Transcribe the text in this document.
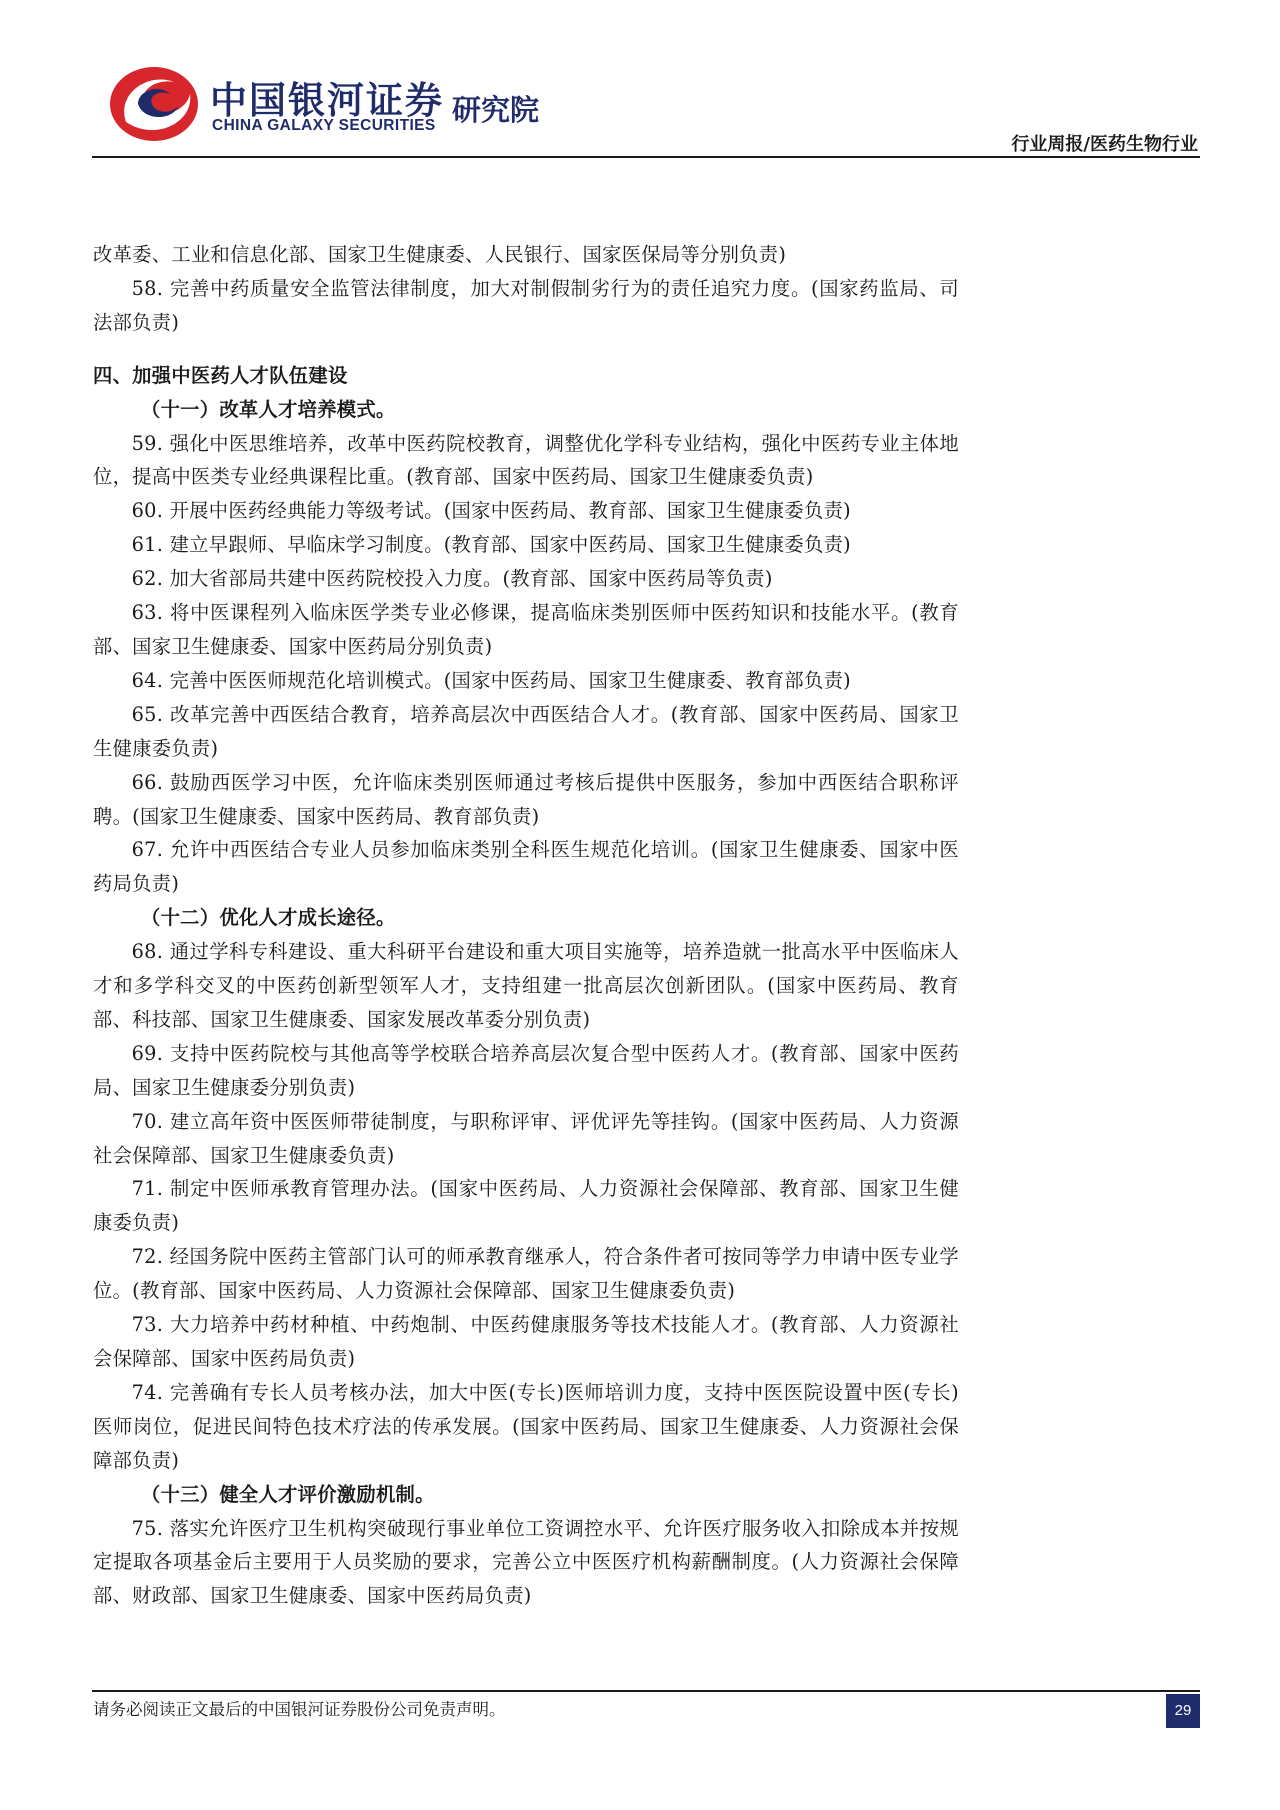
中国银河证券
CHINA GALAXY SECURITIES 研究院
行业周报/医药生物行业

改革委、工业和信息化部、国家卫生健康委、人民银行、国家医保局等分别负责)

58. 完善中药质量安全监管法律制度，加大对制假制劣行为的责任追究力度。(国家药监局、司法部负责)

四、加强中医药人才队伍建设
（十一）改革人才培养模式。

59. 强化中医思维培养，改革中医药院校教育，调整优化学科专业结构，强化中医药专业主体地位，提高中医类专业经典课程比重。(教育部、国家中医药局、国家卫生健康委负责)

60. 开展中医药经典能力等级考试。(国家中医药局、教育部、国家卫生健康委负责)

61. 建立早跟师、早临床学习制度。(教育部、国家中医药局、国家卫生健康委负责)

62. 加大省部局共建中医药院校投入力度。(教育部、国家中医药局等负责)

63. 将中医课程列入临床医学类专业必修课，提高临床类别医师中医药知识和技能水平。(教育部、国家卫生健康委、国家中医药局分别负责)

64. 完善中医医师规范化培训模式。(国家中医药局、国家卫生健康委、教育部负责)

65. 改革完善中西医结合教育，培养高层次中西医结合人才。(教育部、国家中医药局、国家卫生健康委负责)

66. 鼓励西医学习中医，允许临床类别医师通过考核后提供中医服务，参加中西医结合职称评聘。(国家卫生健康委、国家中医药局、教育部负责)

67. 允许中西医结合专业人员参加临床类别全科医生规范化培训。(国家卫生健康委、国家中医药局负责)

（十二）优化人才成长途径。

68. 通过学科专科建设、重大科研平台建设和重大项目实施等，培养造就一批高水平中医临床人才和多学科交叉的中医药创新型领军人才，支持组建一批高层次创新团队。(国家中医药局、教育部、科技部、国家卫生健康委、国家发展改革委分别负责)

69. 支持中医药院校与其他高等学校联合培养高层次复合型中医药人才。(教育部、国家中医药局、国家卫生健康委分别负责)

70. 建立高年资中医医师带徒制度，与职称评审、评优评先等挂钩。(国家中医药局、人力资源社会保障部、国家卫生健康委负责)

71. 制定中医师承教育管理办法。(国家中医药局、人力资源社会保障部、教育部、国家卫生健康委负责)

72. 经国务院中医药主管部门认可的师承教育继承人，符合条件者可按同等学力申请中医专业学位。(教育部、国家中医药局、人力资源社会保障部、国家卫生健康委负责)

73. 大力培养中药材种植、中药炮制、中医药健康服务等技术技能人才。(教育部、人力资源社会保障部、国家中医药局负责)

74. 完善确有专长人员考核办法，加大中医(专长)医师培训力度，支持中医医院设置中医(专长)医师岗位，促进民间特色技术疗法的传承发展。(国家中医药局、国家卫生健康委、人力资源社会保障部负责)

（十三）健全人才评价激励机制。

75. 落实允许医疗卫生机构突破现行事业单位工资调控水平、允许医疗服务收入扣除成本并按规定提取各项基金后主要用于人员奖励的要求，完善公立中医医疗机构薪酬制度。(人力资源社会保障部、财政部、国家卫生健康委、国家中医药局负责)

请务必阅读正文最后的中国银河证券股份公司免责声明。	29
